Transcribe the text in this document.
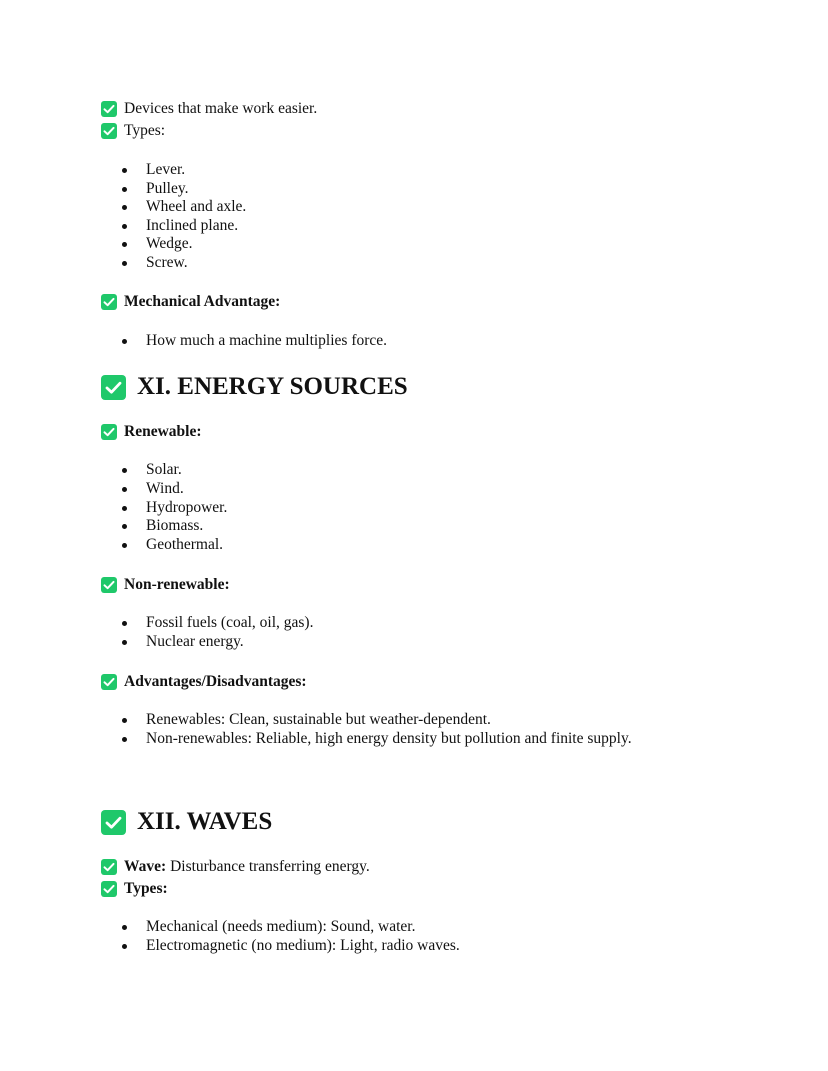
Devices that make work easier.
Types:
Lever.
Pulley.
Wheel and axle.
Inclined plane.
Wedge.
Screw.
Mechanical Advantage:
How much a machine multiplies force.
XI. ENERGY SOURCES
Renewable:
Solar.
Wind.
Hydropower.
Biomass.
Geothermal.
Non-renewable:
Fossil fuels (coal, oil, gas).
Nuclear energy.
Advantages/Disadvantages:
Renewables: Clean, sustainable but weather-dependent.
Non-renewables: Reliable, high energy density but pollution and finite supply.
XII. WAVES
Wave: Disturbance transferring energy.
Types:
Mechanical (needs medium): Sound, water.
Electromagnetic (no medium): Light, radio waves.
